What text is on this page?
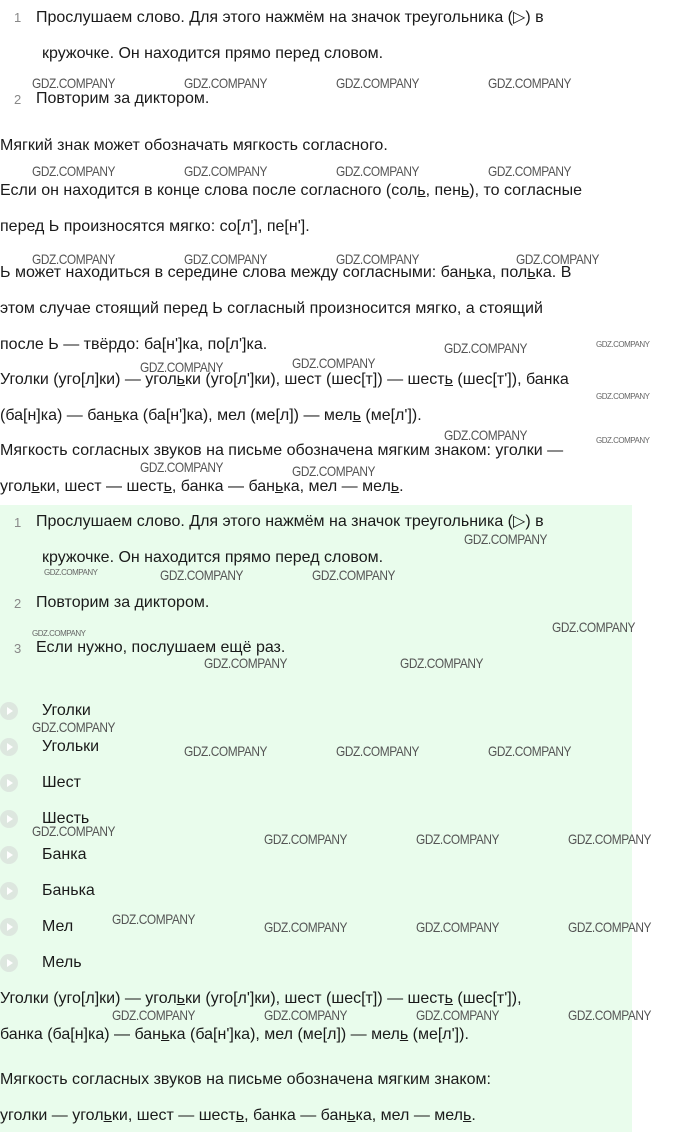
1 Прослушаем слово. Для этого нажмём на значок треугольника (▷) в
кружочке. Он находится прямо перед словом.
2 Повторим за диктором.
Мягкий знак может обозначать мягкость согласного.
Если он находится в конце слова после согласного (соль, пень), то согласные
перед Ь произносятся мягко: со[л'], пе[н'].
Ь может находиться в середине слова между согласными: банька, полька. В
этом случае стоящий перед Ь согласный произносится мягко, а стоящий
после Ь — твёрдо: ба[н']ка, по[л']ка.
Уголки (уго[л]ки) — угольки (уго[л']ки), шест (шес[т]) — шесть (шес[т']), банка
(ба[н]ка) — банька (ба[н']ка), мел (ме[л]) — мель (ме[л']).
Мягкость согласных звуков на письме обозначена мягким знаком: уголки —
угольки, шест — шесть, банка — банька, мел — мель.
1 Прослушаем слово. Для этого нажмём на значок треугольника (▷) в
кружочке. Он находится прямо перед словом.
2 Повторим за диктором.
3 Если нужно, послушаем ещё раз.
Уголки
Угольки
Шест
Шесть
Банка
Банька
Мел
Мель
Уголки (уго[л]ки) — угольки (уго[л']ки), шест (шес[т]) — шесть (шес[т']),
банка (ба[н]ка) — банька (ба[н']ка), мел (ме[л]) — мель (ме[л']).
Мягкость согласных звуков на письме обозначена мягким знаком:
уголки — угольки, шест — шесть, банка — банька, мел — мель.
GDZ.COMPANY	GDZ.COMPANY	GDZ.COMPANY	GDZ.COMPANY
GDZ.COMPANY	GDZ.COMPANY	GDZ.COMPANY	GDZ.COMPANY
GDZ.COMPANY	GDZ.COMPANY	GDZ.COMPANY	GDZ.COMPANY
GDZ.COMPANY	GDZ.COMPANY
GDZ.COMPANY	GDZ.COMPANY
GDZ.COMPANY
GDZ.COMPANY	GDZ.COMPANY
GDZ.COMPANY	GDZ.COMPANY
GDZ.COMPANY
GDZ.COMPANY	GDZ.COMPANY	GDZ.COMPANY
GDZ.COMPANY
GDZ.COMPANY
GDZ.COMPANY	GDZ.COMPANY
GDZ.COMPANY
GDZ.COMPANY	GDZ.COMPANY	GDZ.COMPANY
GDZ.COMPANY	GDZ.COMPANY	GDZ.COMPANY	GDZ.COMPANY
GDZ.COMPANY	GDZ.COMPANY	GDZ.COMPANY	GDZ.COMPANY
GDZ.COMPANY	GDZ.COMPANY	GDZ.COMPANY	GDZ.COMPANY
